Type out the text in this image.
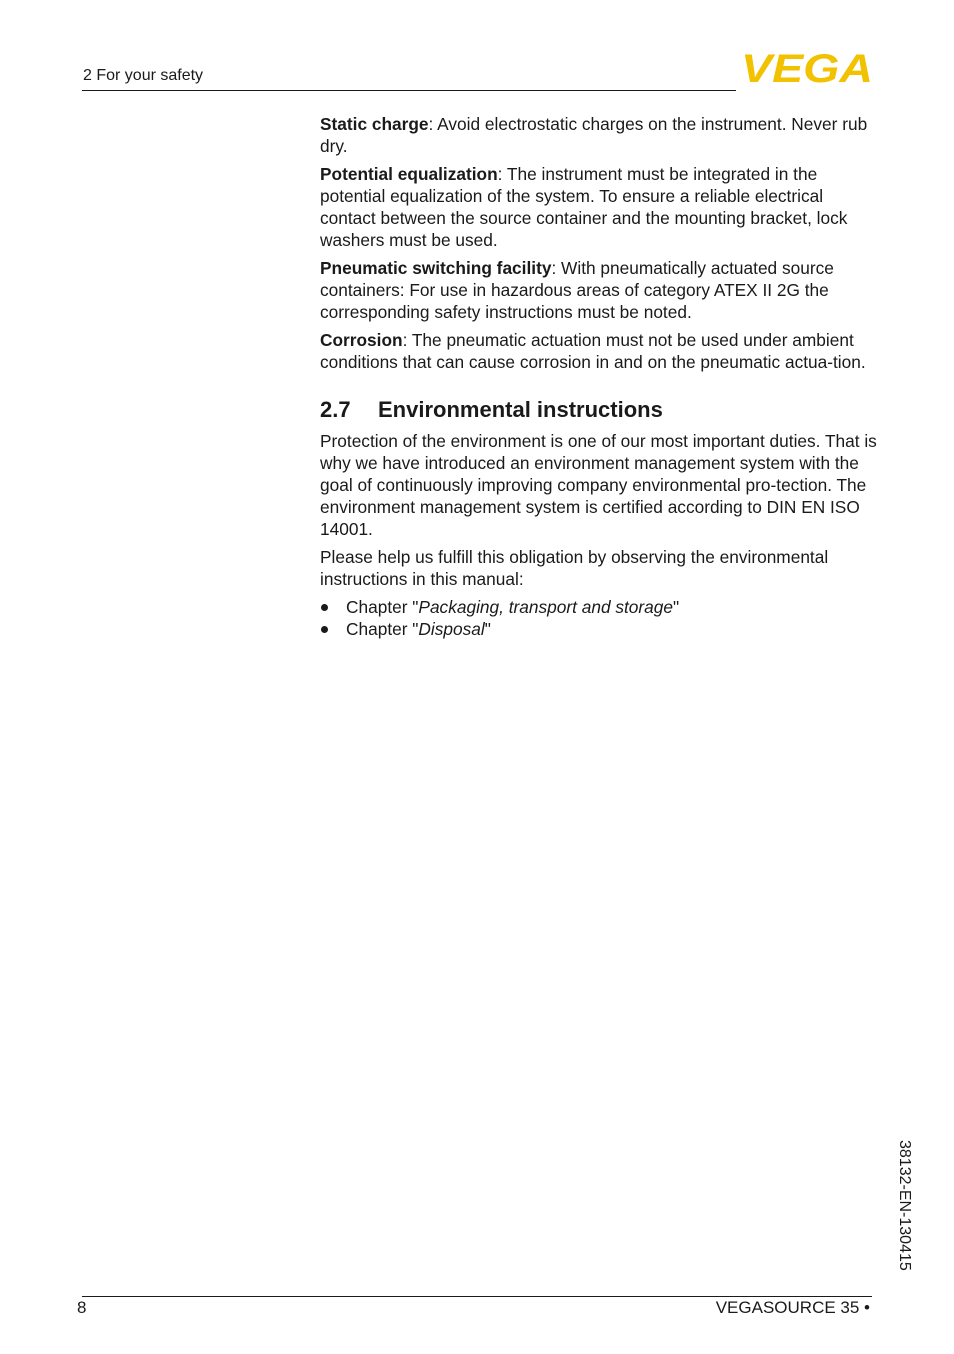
2 For your safety	VEGA

Static charge: Avoid electrostatic charges on the instrument. Never rub dry.

Potential equalization: The instrument must be integrated in the potential equalization of the system. To ensure a reliable electrical contact between the source container and the mounting bracket, lock washers must be used.

Pneumatic switching facility: With pneumatically actuated source containers: For use in hazardous areas of category ATEX II 2G the corresponding safety instructions must be noted.

Corrosion: The pneumatic actuation must not be used under ambient conditions that can cause corrosion in and on the pneumatic actua-tion.

2.7 Environmental instructions

Protection of the environment is one of our most important duties. That is why we have introduced an environment management system with the goal of continuously improving company environmental pro-tection. The environment management system is certified according to DIN EN ISO 14001.

Please help us fulfill this obligation by observing the environmental instructions in this manual:

Chapter "Packaging, transport and storage"
Chapter "Disposal"
38132-EN-130415
8	VEGASOURCE 35 •
